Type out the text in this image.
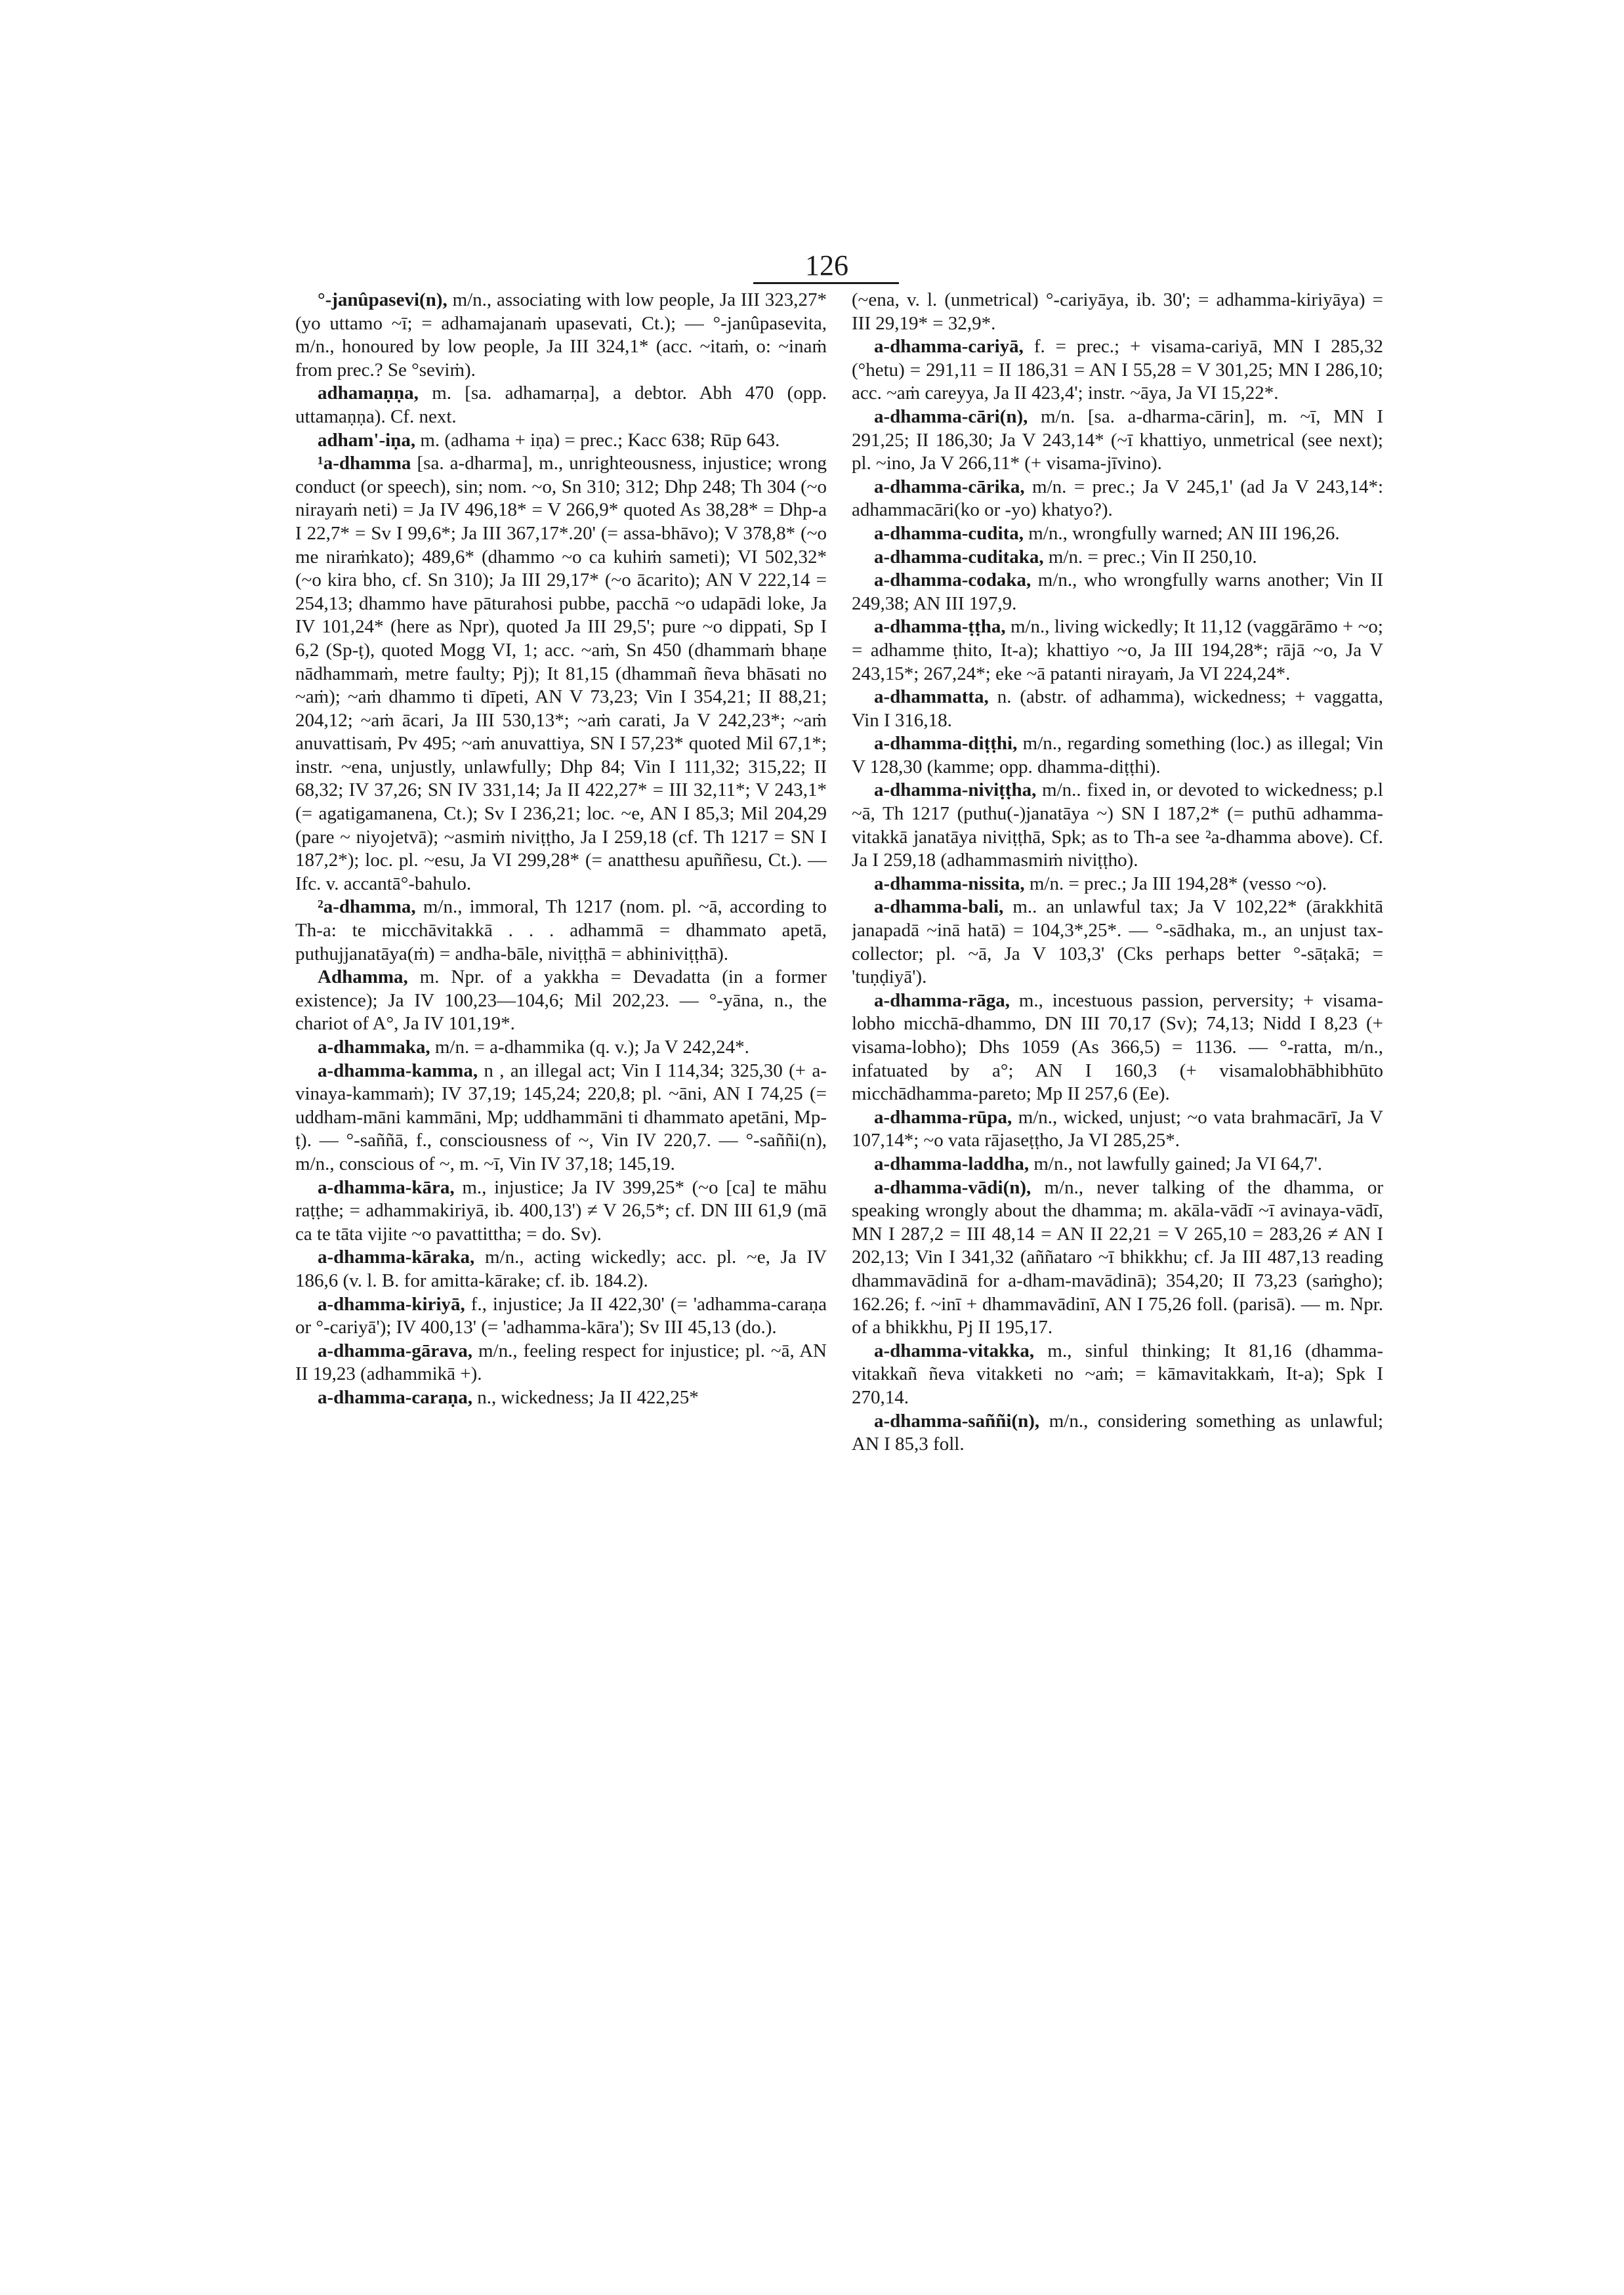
126

°-janûpasevi(n), m/n., associating with low people, Ja III 323,27* (yo uttamo ~ī; = adhamajanaṁ upasevati, Ct.); — °-janûpasevita, m/n., honoured by low people, Ja III 324,1* (acc. ~itaṁ, o: ~inaṁ from prec.? Se °seviṁ).

adhamaṇṇa, m. [sa. adhamarṇa], a debtor. Abh 470 (opp. uttamaṇṇa). Cf. next.

adham'-iṇa, m. (adhama + iṇa) = prec.; Kacc 638; Rūp 643.

¹a-dhamma [sa. a-dharma], m., unrighteousness, injustice; wrong conduct (or speech), sin; nom. ~o, Sn 310; 312; Dhp 248; Th 304 (~o nirayaṁ neti) = Ja IV 496,18* = V 266,9* quoted As 38,28* = Dhp-a I 22,7* = Sv I 99,6*; Ja III 367,17*.20' (= assa-bhāvo); V 378,8* (~o me niraṁkato); 489,6* (dhammo ~o ca kuhiṁ sameti); VI 502,32* (~o kira bho, cf. Sn 310); Ja III 29,17* (~o ācarito); AN V 222,14 = 254,13; dhammo have pāturahosi pubbe, pacchā ~o udapādi loke, Ja IV 101,24* (here as Npr), quoted Ja III 29,5'; pure ~o dippati, Sp I 6,2 (Sp-ṭ), quoted Mogg VI, 1; acc. ~aṁ, Sn 450 (dhammaṁ bhaṇe nādhammaṁ, metre faulty; Pj); It 81,15 (dhammañ ñeva bhāsati no ~aṁ); ~aṁ dhammo ti dīpeti, AN V 73,23; Vin I 354,21; II 88,21; 204,12; ~aṁ ācari, Ja III 530,13*; ~aṁ carati, Ja V 242,23*; ~aṁ anuvattisaṁ, Pv 495; ~aṁ anuvattiya, SN I 57,23* quoted Mil 67,1*; instr. ~ena, unjustly, unlawfully; Dhp 84; Vin I 111,32; 315,22; II 68,32; IV 37,26; SN IV 331,14; Ja II 422,27* = III 32,11*; V 243,1* (= agatigamanena, Ct.); Sv I 236,21; loc. ~e, AN I 85,3; Mil 204,29 (pare ~ niyojetvā); ~asmiṁ niviṭṭho, Ja I 259,18 (cf. Th 1217 = SN I 187,2*); loc. pl. ~esu, Ja VI 299,28* (= anatthesu apuññesu, Ct.). — Ifc. v. accantā°-bahulo.

²a-dhamma, m/n., immoral, Th 1217 (nom. pl. ~ā, according to Th-a: te micchāvitakkā . . . adhammā = dhammato apetā, puthujjanatāya(ṁ) = andha-bāle, niviṭṭhā = abhiniviṭṭhā).

Adhamma, m. Npr. of a yakkha = Devadatta (in a former existence); Ja IV 100,23—104,6; Mil 202,23. — °-yāna, n., the chariot of A°, Ja IV 101,19*.

a-dhammaka, m/n. = a-dhammika (q. v.); Ja V 242,24*.

a-dhamma-kamma, n , an illegal act; Vin I 114,34; 325,30 (+ a-vinaya-kammaṁ); IV 37,19; 145,24; 220,8; pl. ~āni, AN I 74,25 (= uddham-māni kammāni, Mp; uddhammāni ti dhammato apetāni, Mp-ṭ). — °-saññā, f., consciousness of ~, Vin IV 220,7. — °-saññi(n), m/n., conscious of ~, m. ~ī, Vin IV 37,18; 145,19.

a-dhamma-kāra, m., injustice; Ja IV 399,25* (~o [ca] te māhu raṭṭhe; = adhammakiriyā, ib. 400,13') ≠ V 26,5*; cf. DN III 61,9 (mā ca te tāta vijite ~o pavattittha; = do. Sv).

a-dhamma-kāraka, m/n., acting wickedly; acc. pl. ~e, Ja IV 186,6 (v. l. B. for amitta-kārake; cf. ib. 184.2).

a-dhamma-kiriyā, f., injustice; Ja II 422,30' (= 'adhamma-caraṇa or °-cariyā'); IV 400,13' (= 'adhamma-kāra'); Sv III 45,13 (do.).

a-dhamma-gārava, m/n., feeling respect for injustice; pl. ~ā, AN II 19,23 (adhammikā +).

a-dhamma-caraṇa, n., wickedness; Ja II 422,25*

(~ena, v. l. (unmetrical) °-cariyāya, ib. 30'; = adhamma-kiriyāya) = III 29,19* = 32,9*.

a-dhamma-cariyā, f. = prec.; + visama-cariyā, MN I 285,32 (°hetu) = 291,11 = II 186,31 = AN I 55,28 = V 301,25; MN I 286,10; acc. ~aṁ careyya, Ja II 423,4'; instr. ~āya, Ja VI 15,22*.

a-dhamma-cāri(n), m/n. [sa. a-dharma-cārin], m. ~ī, MN I 291,25; II 186,30; Ja V 243,14* (~ī khattiyo, unmetrical (see next); pl. ~ino, Ja V 266,11* (+ visama-jīvino).

a-dhamma-cārika, m/n. = prec.; Ja V 245,1' (ad Ja V 243,14*: adhammacāri(ko or -yo) khatyo?).

a-dhamma-cudita, m/n., wrongfully warned; AN III 196,26.

a-dhamma-cuditaka, m/n. = prec.; Vin II 250,10.

a-dhamma-codaka, m/n., who wrongfully warns another; Vin II 249,38; AN III 197,9.

a-dhamma-ṭṭha, m/n., living wickedly; It 11,12 (vaggārāmo + ~o; = adhamme ṭhito, It-a); khattiyo ~o, Ja III 194,28*; rājā ~o, Ja V 243,15*; 267,24*; eke ~ā patanti nirayaṁ, Ja VI 224,24*.

a-dhammatta, n. (abstr. of adhamma), wickedness; + vaggatta, Vin I 316,18.

a-dhamma-diṭṭhi, m/n., regarding something (loc.) as illegal; Vin V 128,30 (kamme; opp. dhamma-diṭṭhi).

a-dhamma-niviṭṭha, m/n.. fixed in, or devoted to wickedness; p.l ~ā, Th 1217 (puthu(-)janatāya ~) SN I 187,2* (= puthū adhamma-vitakkā janatāya niviṭṭhā, Spk; as to Th-a see ²a-dhamma above). Cf. Ja I 259,18 (adhammasmiṁ niviṭṭho).

a-dhamma-nissita, m/n. = prec.; Ja III 194,28* (vesso ~o).

a-dhamma-bali, m.. an unlawful tax; Ja V 102,22* (ārakkhitā janapadā ~inā hatā) = 104,3*,25*. — °-sādhaka, m., an unjust tax-collector; pl. ~ā, Ja V 103,3' (Cks perhaps better °-sāṭakā; = 'tuṇḍiyā').

a-dhamma-rāga, m., incestuous passion, perversity; + visama-lobho micchā-dhammo, DN III 70,17 (Sv); 74,13; Nidd I 8,23 (+ visama-lobho); Dhs 1059 (As 366,5) = 1136. — °-ratta, m/n., infatuated by a°; AN I 160,3 (+ visamalobhābhibhūto micchādhamma-pareto; Mp II 257,6 (Ee).

a-dhamma-rūpa, m/n., wicked, unjust; ~o vata brahmacārī, Ja V 107,14*; ~o vata rājaseṭṭho, Ja VI 285,25*.

a-dhamma-laddha, m/n., not lawfully gained; Ja VI 64,7'.

a-dhamma-vādi(n), m/n., never talking of the dhamma, or speaking wrongly about the dhamma; m. akāla-vādī ~ī avinaya-vādī, MN I 287,2 = III 48,14 = AN II 22,21 = V 265,10 = 283,26 ≠ AN I 202,13; Vin I 341,32 (aññataro ~ī bhikkhu; cf. Ja III 487,13 reading dhammavādinā for a-dham-mavādinā); 354,20; II 73,23 (saṁgho); 162.26; f. ~inī + dhammavādinī, AN I 75,26 foll. (parisā). — m. Npr. of a bhikkhu, Pj II 195,17.

a-dhamma-vitakka, m., sinful thinking; It 81,16 (dhamma-vitakkañ ñeva vitakketi no ~aṁ; = kāmavitakkaṁ, It-a); Spk I 270,14.

a-dhamma-saññi(n), m/n., considering something as unlawful; AN I 85,3 foll.
